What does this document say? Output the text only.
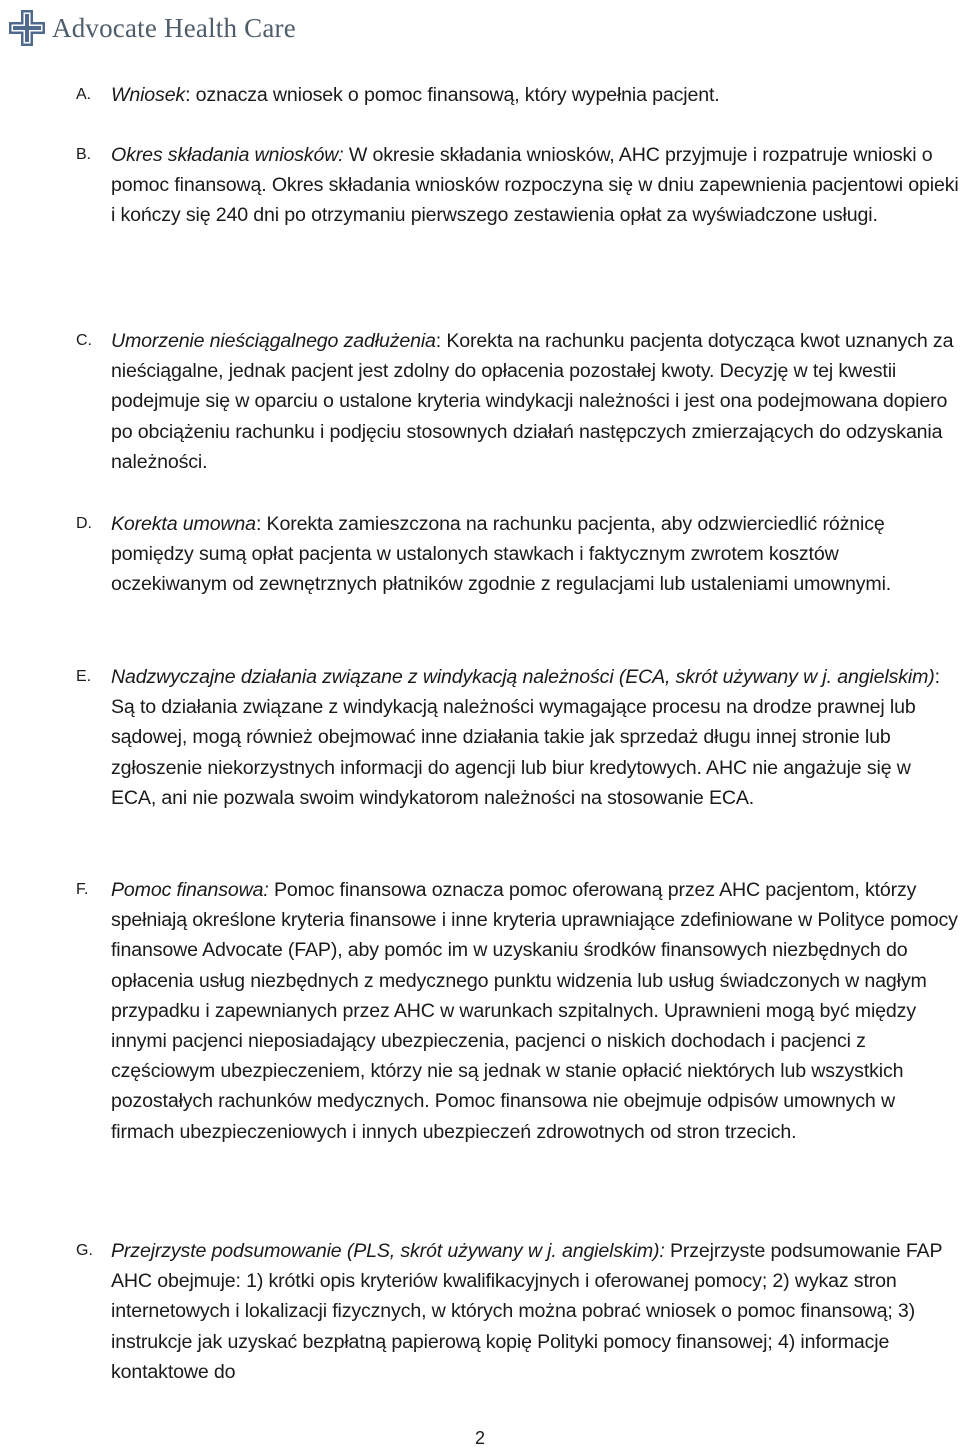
Advocate Health Care
A. Wniosek: oznacza wniosek o pomoc finansową, który wypełnia pacjent.
B. Okres składania wniosków: W okresie składania wniosków, AHC przyjmuje i rozpatruje wnioski o pomoc finansową. Okres składania wniosków rozpoczyna się w dniu zapewnienia pacjentowi opieki i kończy się 240 dni po otrzymaniu pierwszego zestawienia opłat za wyświadczone usługi.
C. Umorzenie nieściągalnego zadłużenia: Korekta na rachunku pacjenta dotycząca kwot uznanych za nieściągalne, jednak pacjent jest zdolny do opłacenia pozostałej kwoty. Decyzję w tej kwestii podejmuje się w oparciu o ustalone kryteria windykacji należności i jest ona podejmowana dopiero po obciążeniu rachunku i podjęciu stosownych działań następczych zmierzających do odzyskania należności.
D. Korekta umowna: Korekta zamieszczona na rachunku pacjenta, aby odzwierciedlić różnicę pomiędzy sumą opłat pacjenta w ustalonych stawkach i faktycznym zwrotem kosztów oczekiwanym od zewnętrznych płatników zgodnie z regulacjami lub ustaleniami umownymi.
E. Nadzwyczajne działania związane z windykacją należności (ECA, skrót używany w j. angielskim): Są to działania związane z windykacją należności wymagające procesu na drodze prawnej lub sądowej, mogą również obejmować inne działania takie jak sprzedaż długu innej stronie lub zgłoszenie niekorzystnych informacji do agencji lub biur kredytowych. AHC nie angażuje się w ECA, ani nie pozwala swoim windykatorom należności na stosowanie ECA.
F. Pomoc finansowa: Pomoc finansowa oznacza pomoc oferowaną przez AHC pacjentom, którzy spełniają określone kryteria finansowe i inne kryteria uprawniające zdefiniowane w Polityce pomocy finansowe Advocate (FAP), aby pomóc im w uzyskaniu środków finansowych niezbędnych do opłacenia usług niezbędnych z medycznego punktu widzenia lub usług świadczonych w nagłym przypadku i zapewnianych przez AHC w warunkach szpitalnych. Uprawnieni mogą być między innymi pacjenci nieposiadający ubezpieczenia, pacjenci o niskich dochodach i pacjenci z częściowym ubezpieczeniem, którzy nie są jednak w stanie opłacić niektórych lub wszystkich pozostałych rachunków medycznych. Pomoc finansowa nie obejmuje odpisów umownych w firmach ubezpieczeniowych i innych ubezpieczeń zdrowotnych od stron trzecich.
G. Przejrzyste podsumowanie (PLS, skrót używany w j. angielskim): Przejrzyste podsumowanie FAP AHC obejmuje: 1) krótki opis kryteriów kwalifikacyjnych i oferowanej pomocy; 2) wykaz stron internetowych i lokalizacji fizycznych, w których można pobrać wniosek o pomoc finansową; 3) instrukcje jak uzyskać bezpłatną papierową kopię Polityki pomocy finansowej; 4) informacje kontaktowe do
2
